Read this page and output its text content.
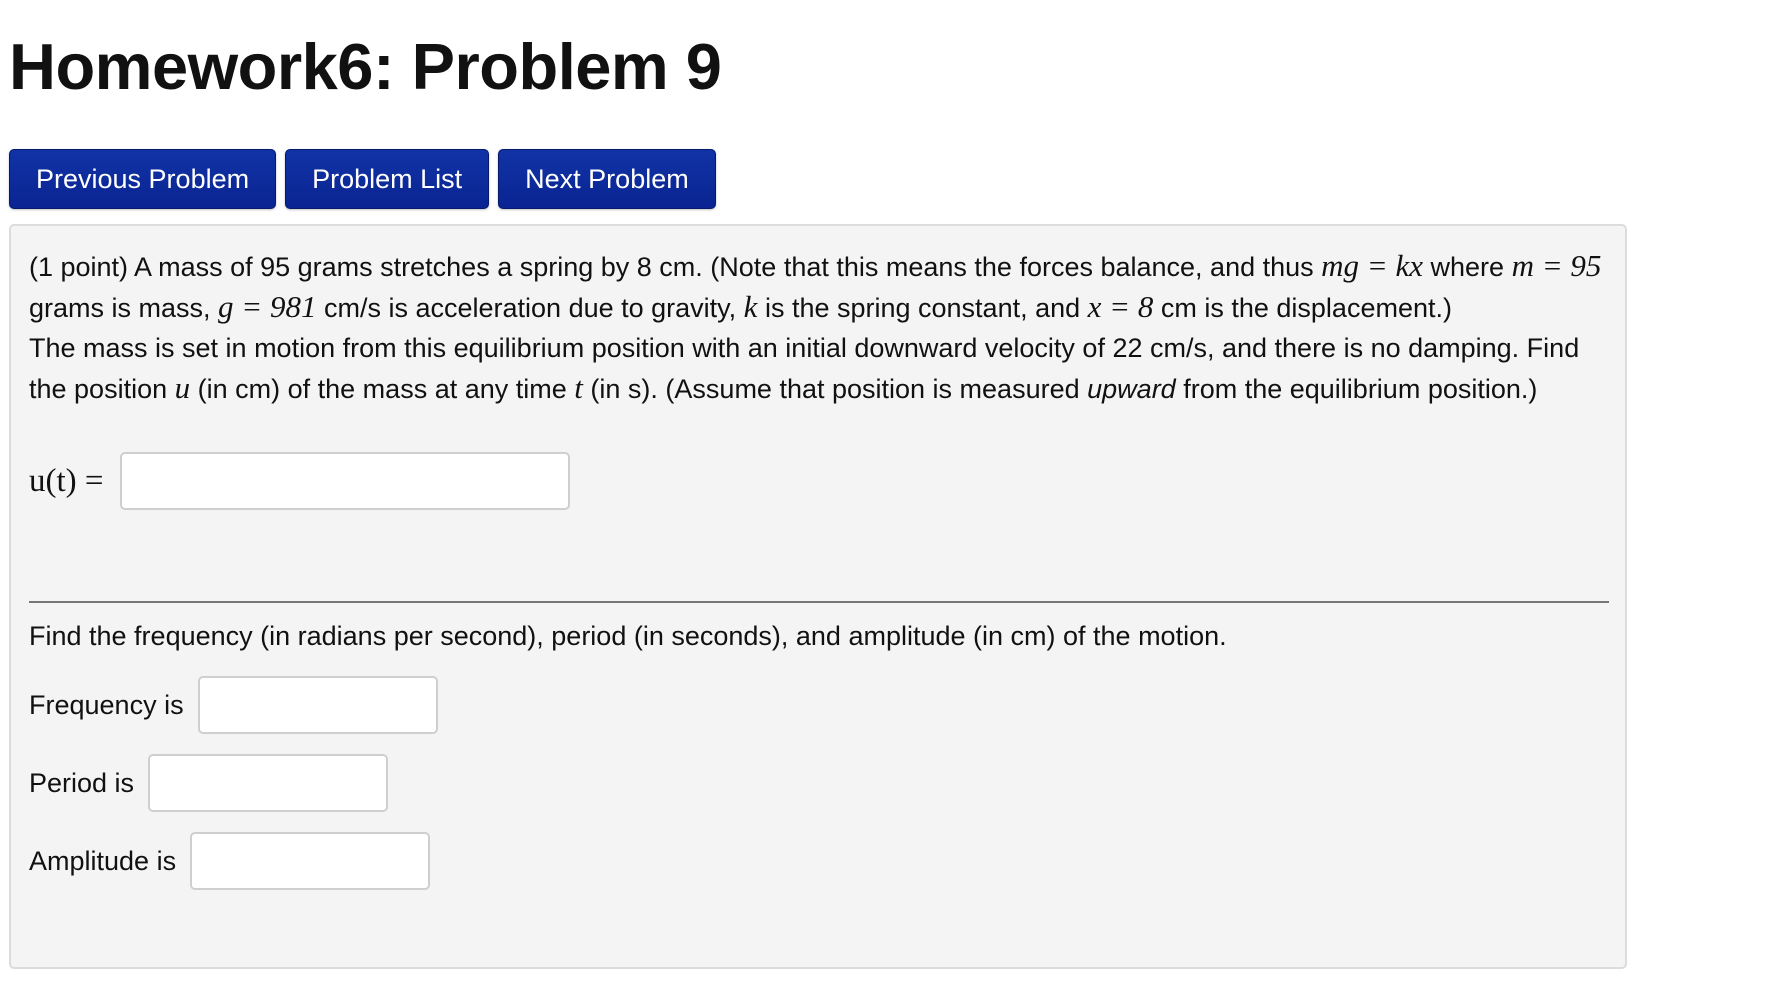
Homework6: Problem 9
Previous Problem	Problem List	Next Problem

(1 point) A mass of 95 grams stretches a spring by 8 cm. (Note that this means the forces balance, and thus mg = kx where m = 95 grams is mass, g = 981 cm/s is acceleration due to gravity, k is the spring constant, and x = 8 cm is the displacement.)

The mass is set in motion from this equilibrium position with an initial downward velocity of 22 cm/s, and there is no damping. Find the position u (in cm) of the mass at any time t (in s). (Assume that position is measured upward from the equilibrium position.)

u(t) =
Find the frequency (in radians per second), period (in seconds), and amplitude (in cm) of the motion.
Frequency is
Period is
Amplitude is
